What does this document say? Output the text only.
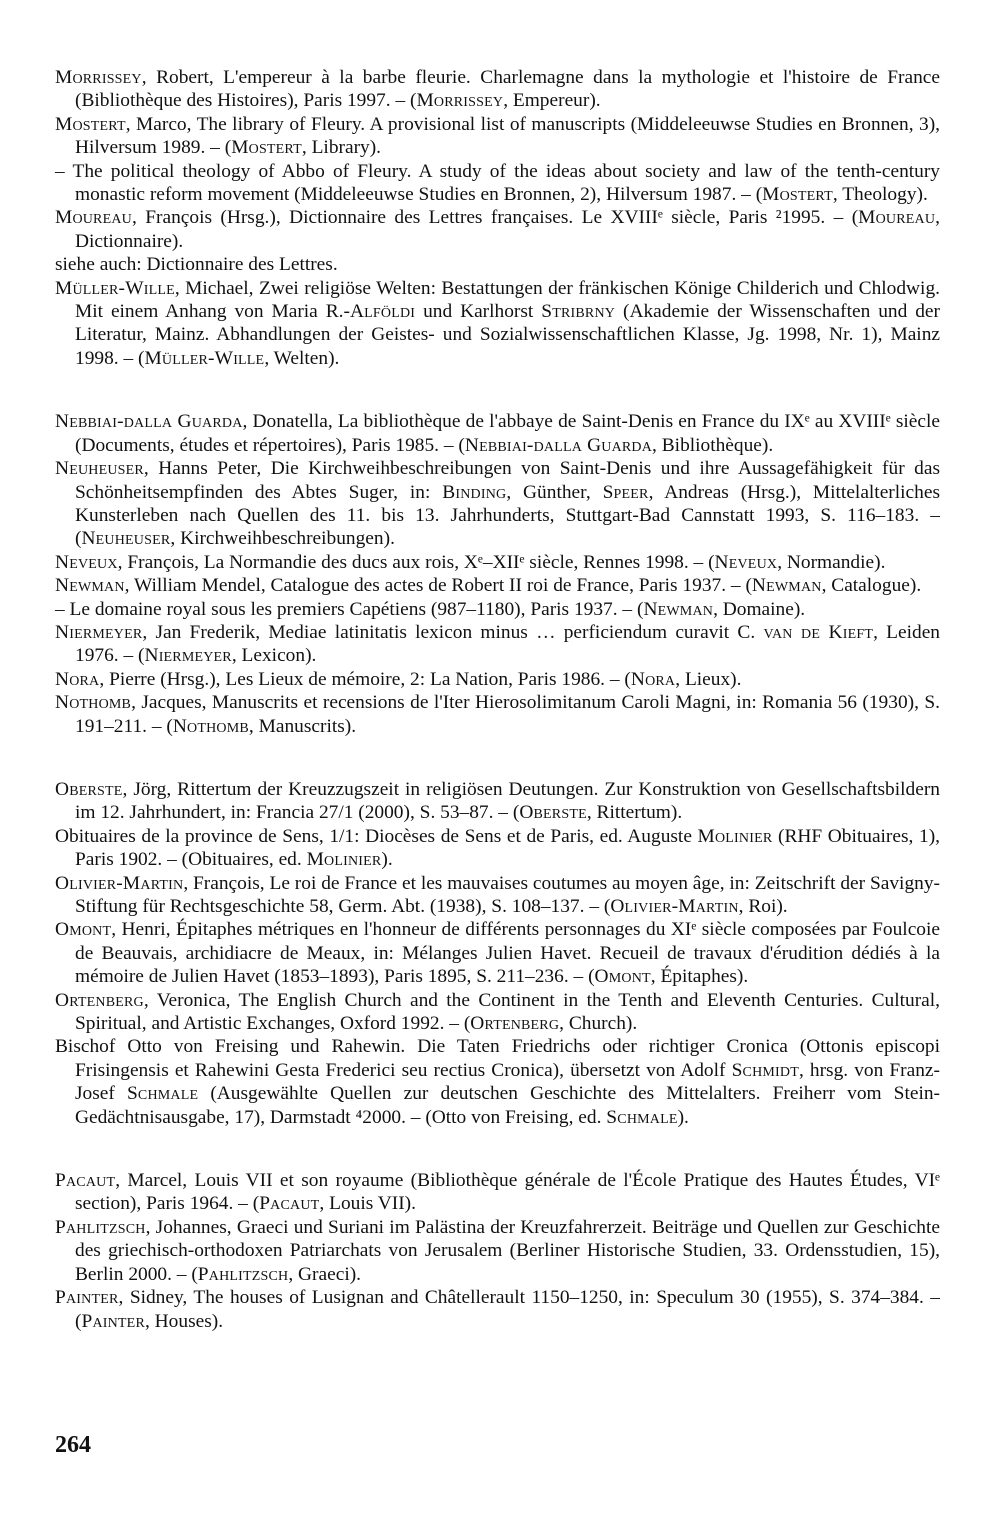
Morrissey, Robert, L'empereur à la barbe fleurie. Charlemagne dans la mythologie et l'histoire de France (Bibliothèque des Histoires), Paris 1997. – (Morrissey, Empereur).

Mostert, Marco, The library of Fleury. A provisional list of manuscripts (Middeleeuwse Studies en Bronnen, 3), Hilversum 1989. – (Mostert, Library).

– The political theology of Abbo of Fleury. A study of the ideas about society and law of the tenth-century monastic reform movement (Middeleeuwse Studies en Bronnen, 2), Hilversum 1987. – (Mostert, Theology).

Moureau, François (Hrsg.), Dictionnaire des Lettres françaises. Le XVIIIᵉ siècle, Paris ²1995. – (Moureau, Dictionnaire).

siehe auch: Dictionnaire des Lettres.

Müller-Wille, Michael, Zwei religiöse Welten: Bestattungen der fränkischen Könige Childerich und Chlodwig. Mit einem Anhang von Maria R.-Alföldi und Karlhorst Stribrny (Akademie der Wissenschaften und der Literatur, Mainz. Abhandlungen der Geistes- und Sozialwissenschaftlichen Klasse, Jg. 1998, Nr. 1), Mainz 1998. – (Müller-Wille, Welten).

Nebbiai-dalla Guarda, Donatella, La bibliothèque de l'abbaye de Saint-Denis en France du IXᵉ au XVIIIᵉ siècle (Documents, études et répertoires), Paris 1985. – (Nebbiai-dalla Guarda, Bibliothèque).

Neuheuser, Hanns Peter, Die Kirchweihbeschreibungen von Saint-Denis und ihre Aussagefähigkeit für das Schönheitsempfinden des Abtes Suger, in: Binding, Günther, Speer, Andreas (Hrsg.), Mittelalterliches Kunsterleben nach Quellen des 11. bis 13. Jahrhunderts, Stuttgart-Bad Cannstatt 1993, S. 116–183. – (Neuheuser, Kirchweihbeschreibungen).

Neveux, François, La Normandie des ducs aux rois, Xᵉ–XIIᵉ siècle, Rennes 1998. – (Neveux, Normandie).

Newman, William Mendel, Catalogue des actes de Robert II roi de France, Paris 1937. – (Newman, Catalogue).

– Le domaine royal sous les premiers Capétiens (987–1180), Paris 1937. – (Newman, Domaine).

Niermeyer, Jan Frederik, Mediae latinitatis lexicon minus … perficiendum curavit C. van de Kieft, Leiden 1976. – (Niermeyer, Lexicon).

Nora, Pierre (Hrsg.), Les Lieux de mémoire, 2: La Nation, Paris 1986. – (Nora, Lieux).

Nothomb, Jacques, Manuscrits et recensions de l'Iter Hierosolimitanum Caroli Magni, in: Romania 56 (1930), S. 191–211. – (Nothomb, Manuscrits).

Oberste, Jörg, Rittertum der Kreuzzugszeit in religiösen Deutungen. Zur Konstruktion von Gesellschaftsbildern im 12. Jahrhundert, in: Francia 27/1 (2000), S. 53–87. – (Oberste, Rittertum).

Obituaires de la province de Sens, 1/1: Diocèses de Sens et de Paris, ed. Auguste Molinier (RHF Obituaires, 1), Paris 1902. – (Obituaires, ed. Molinier).

Olivier-Martin, François, Le roi de France et les mauvaises coutumes au moyen âge, in: Zeitschrift der Savigny-Stiftung für Rechtsgeschichte 58, Germ. Abt. (1938), S. 108–137. – (Olivier-Martin, Roi).

Omont, Henri, Épitaphes métriques en l'honneur de différents personnages du XIᵉ siècle composées par Foulcoie de Beauvais, archidiacre de Meaux, in: Mélanges Julien Havet. Recueil de travaux d'érudition dédiés à la mémoire de Julien Havet (1853–1893), Paris 1895, S. 211–236. – (Omont, Épitaphes).

Ortenberg, Veronica, The English Church and the Continent in the Tenth and Eleventh Centuries. Cultural, Spiritual, and Artistic Exchanges, Oxford 1992. – (Ortenberg, Church).

Bischof Otto von Freising und Rahewin. Die Taten Friedrichs oder richtiger Cronica (Ottonis episcopi Frisingensis et Rahewini Gesta Frederici seu rectius Cronica), übersetzt von Adolf Schmidt, hrsg. von Franz-Josef Schmale (Ausgewählte Quellen zur deutschen Geschichte des Mittelalters. Freiherr vom Stein-Gedächtnisausgabe, 17), Darmstadt ⁴2000. – (Otto von Freising, ed. Schmale).

Pacaut, Marcel, Louis VII et son royaume (Bibliothèque générale de l'École Pratique des Hautes Études, VIᵉ section), Paris 1964. – (Pacaut, Louis VII).

Pahlitzsch, Johannes, Graeci und Suriani im Palästina der Kreuzfahrerzeit. Beiträge und Quellen zur Geschichte des griechisch-orthodoxen Patriarchats von Jerusalem (Berliner Historische Studien, 33. Ordensstudien, 15), Berlin 2000. – (Pahlitzsch, Graeci).

Painter, Sidney, The houses of Lusignan and Châtellerault 1150–1250, in: Speculum 30 (1955), S. 374–384. – (Painter, Houses).

264
